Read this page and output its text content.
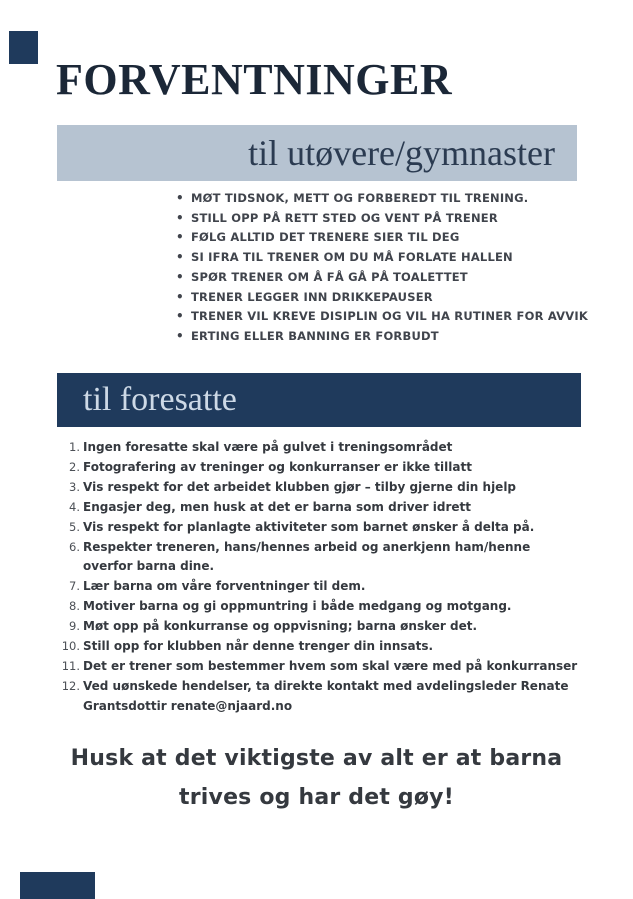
FORVENTNINGER
til utøvere/gymnaster
• MØT TIDSNOK, METT OG FORBEREDT TIL TRENING.
• STILL OPP PÅ RETT STED OG VENT PÅ TRENER
• FØLG ALLTID DET TRENERE SIER TIL DEG
• SI IFRA TIL TRENER OM DU MÅ FORLATE HALLEN
• SPØR TRENER OM Å FÅ GÅ PÅ TOALETTET
• TRENER LEGGER INN DRIKKEPAUSER
• TRENER VIL KREVE DISIPLIN OG VIL HA RUTINER FOR AVVIK
• ERTING ELLER BANNING ER FORBUDT
til foresatte
1. Ingen foresatte skal være på gulvet i treningsområdet
2. Fotografering av treninger og konkurranser er ikke tillatt
3. Vis respekt for det arbeidet klubben gjør – tilby gjerne din hjelp
4. Engasjer deg, men husk at det er barna som driver idrett
5. Vis respekt for planlagte aktiviteter som barnet ønsker å delta på.
6. Respekter treneren, hans/hennes arbeid og anerkjenn ham/henne overfor barna dine.
7. Lær barna om våre forventninger til dem.
8. Motiver barna og gi oppmuntring i både medgang og motgang.
9. Møt opp på konkurranse og oppvisning; barna ønsker det.
10. Still opp for klubben når denne trenger din innsats.
11. Det er trener som bestemmer hvem som skal være med på konkurranser
12. Ved uønskede hendelser, ta direkte kontakt med avdelingsleder Renate Grantsdottir renate@njaard.no
Husk at det viktigste av alt er at barna
trives og har det gøy!
